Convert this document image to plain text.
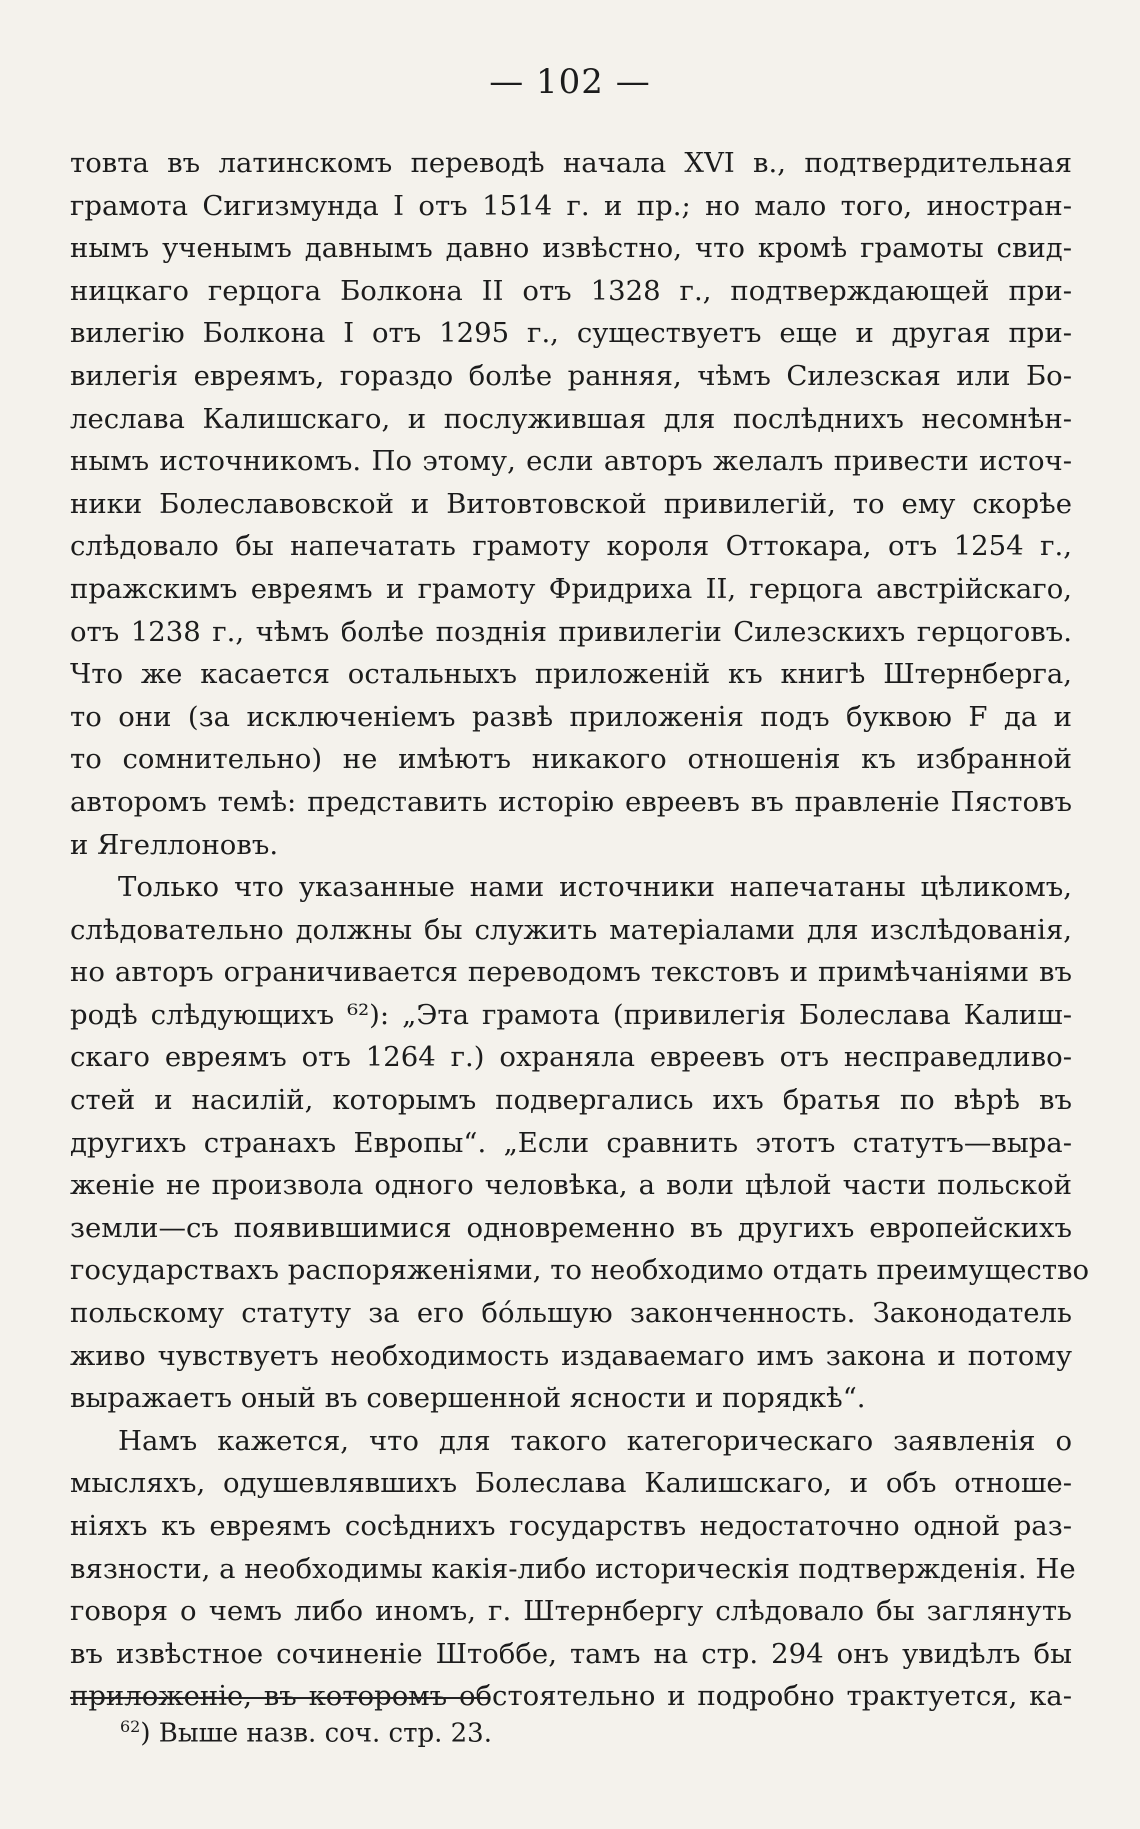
— 102 —
товта въ латинскомъ переводѣ начала XVI в., подтвердительная
грамота Сигизмунда I отъ 1514 г. и пр.; но мало того, иностран-
нымъ ученымъ давнымъ давно извѣстно, что кромѣ грамоты свид-
ницкаго герцога Болкона II отъ 1328 г., подтверждающей при-
вилегію Болкона I отъ 1295 г., существуетъ еще и другая при-
вилегія евреямъ, гораздо болѣе ранняя, чѣмъ Силезская или Бо-
леслава Калишскаго, и послужившая для послѣднихъ несомнѣн-
нымъ источникомъ. По этому, если авторъ желалъ привести источ-
ники Болеславовской и Витовтовской привилегій, то ему скорѣе
слѣдовало бы напечатать грамоту короля Оттокара, отъ 1254 г.,
пражскимъ евреямъ и грамоту Фридриха II, герцога австрійскаго,
отъ 1238 г., чѣмъ болѣе позднія привилегіи Силезскихъ герцоговъ.
Что же касается остальныхъ приложеній къ книгѣ Штернберга,
то они (за исключеніемъ развѣ приложенія подъ буквою F да и
то сомнительно) не имѣютъ никакого отношенія къ избранной
авторомъ темѣ: представить исторію евреевъ въ правленіе Пястовъ
и Ягеллоновъ.
Только что указанные нами источники напечатаны цѣликомъ,
слѣдовательно должны бы служить матеріалами для изслѣдованія,
но авторъ ограничивается переводомъ текстовъ и примѣчаніями въ
родѣ слѣдующихъ ⁶²): „Эта грамота (привилегія Болеслава Калиш-
скаго евреямъ отъ 1264 г.) охраняла евреевъ отъ несправедливо-
стей и насилій, которымъ подвергались ихъ братья по вѣрѣ въ
другихъ странахъ Европы“. „Если сравнить этотъ статутъ—выра-
женіе не произвола одного человѣка, а воли цѣлой части польской
земли—съ появившимися одновременно въ другихъ европейскихъ
государствахъ распоряженіями, то необходимо отдать преимущество
польскому статуту за его бóльшую законченность. Законодатель
живо чувствуетъ необходимость издаваемаго имъ закона и потому
выражаетъ оный въ совершенной ясности и порядкѣ“.
Намъ кажется, что для такого категорическаго заявленія о
мысляхъ, одушевлявшихъ Болеслава Калишскаго, и объ отноше-
ніяхъ къ евреямъ сосѣднихъ государствъ недостаточно одной раз-
вязности, а необходимы какія-либо историческія подтвержденія. Не
говоря о чемъ либо иномъ, г. Штернбергу слѣдовало бы заглянуть
въ извѣстное сочиненіе Штоббе, тамъ на стр. 294 онъ увидѣлъ бы
приложеніе, въ которомъ обстоятельно и подробно трактуется, ка-
$^{62}$) Выше назв. соч. стр. 23.
